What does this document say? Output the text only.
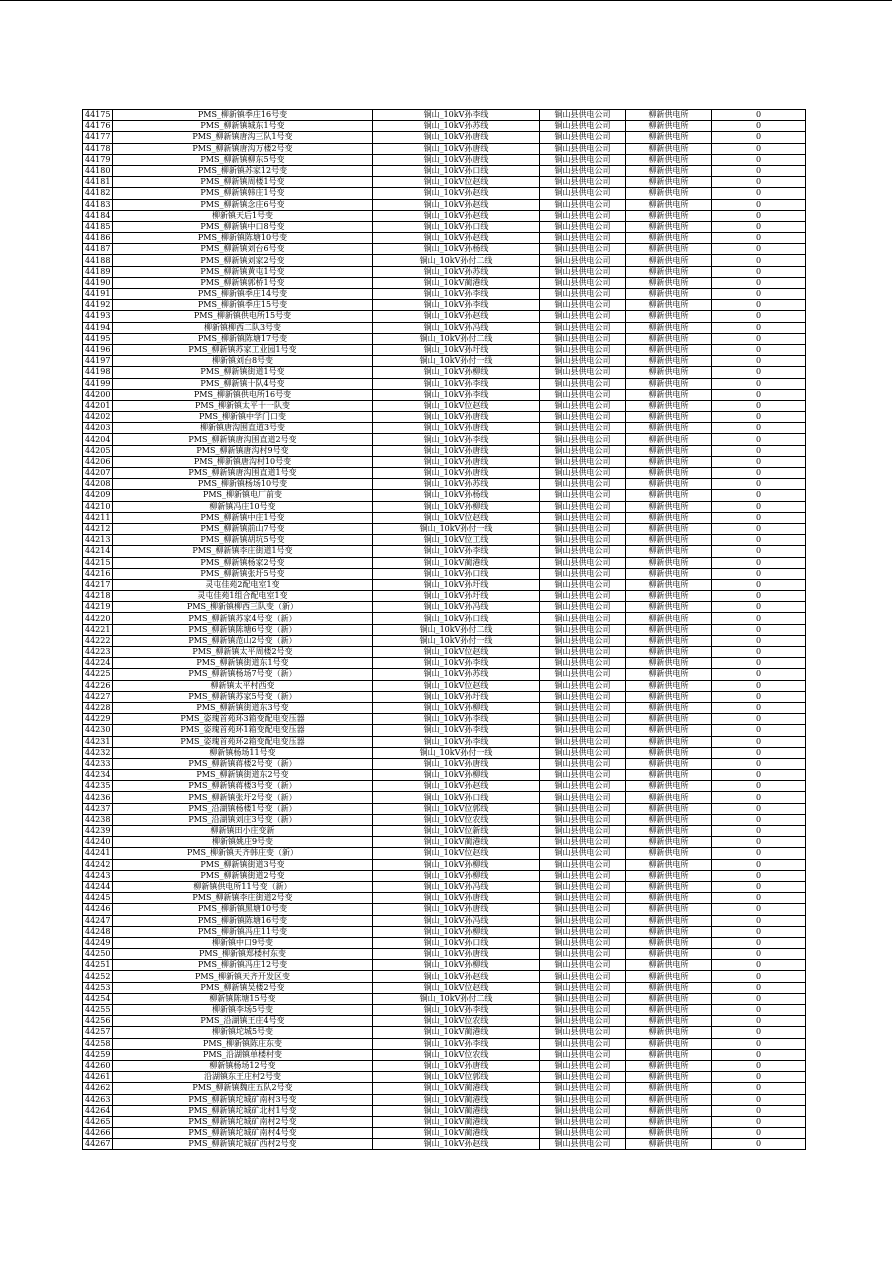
44175	PMS_柳新镇季庄16号变	铜山_10kV孙李线	铜山县供电公司	柳新供电所	0
44176	PMS_柳新镇城东1号变	铜山_10kV孙苏线	铜山县供电公司	柳新供电所	0
44177	PMS_柳新镇唐沟三队1号变	铜山_10kV孙唐线	铜山县供电公司	柳新供电所	0
44178	PMS_柳新镇唐沟万楼2号变	铜山_10kV孙唐线	铜山县供电公司	柳新供电所	0
44179	PMS_柳新镇柳东5号变	铜山_10kV孙唐线	铜山县供电公司	柳新供电所	0
44180	PMS_柳新镇苏家12号变	铜山_10kV孙口线	铜山县供电公司	柳新供电所	0
44181	PMS_柳新镇周楼1号变	铜山_10kV位赵线	铜山县供电公司	柳新供电所	0
44182	PMS_柳新镇韩庄1号变	铜山_10kV孙赵线	铜山县供电公司	柳新供电所	0
44183	PMS_柳新镇念庄6号变	铜山_10kV孙赵线	铜山县供电公司	柳新供电所	0
44184	柳新镇天后1号变	铜山_10kV孙赵线	铜山县供电公司	柳新供电所	0
44185	PMS_柳新镇中口8号变	铜山_10kV孙口线	铜山县供电公司	柳新供电所	0
44186	PMS_柳新镇陈塘10号变	铜山_10kV孙赵线	铜山县供电公司	柳新供电所	0
44187	PMS_柳新镇刘台6号变	铜山_10kV孙杨线	铜山县供电公司	柳新供电所	0
44188	PMS_柳新镇刘家2号变	铜山_10kV孙付二线	铜山县供电公司	柳新供电所	0
44189	PMS_柳新镇黄屯1号变	铜山_10kV孙苏线	铜山县供电公司	柳新供电所	0
44190	PMS_柳新镇郭桥1号变	铜山_10kV蔺港线	铜山县供电公司	柳新供电所	0
44191	PMS_柳新镇季庄14号变	铜山_10kV孙李线	铜山县供电公司	柳新供电所	0
44192	PMS_柳新镇季庄15号变	铜山_10kV孙李线	铜山县供电公司	柳新供电所	0
44193	PMS_柳新镇供电所15号变	铜山_10kV孙赵线	铜山县供电公司	柳新供电所	0
44194	柳新镇柳西二队3号变	铜山_10kV孙冯线	铜山县供电公司	柳新供电所	0
44195	PMS_柳新镇陈塘17号变	铜山_10kV孙付二线	铜山县供电公司	柳新供电所	0
44196	PMS_柳新镇苏家工业园1号变	铜山_10kV孙圩线	铜山县供电公司	柳新供电所	0
44197	柳新镇刘台8号变	铜山_10kV孙付一线	铜山县供电公司	柳新供电所	0
44198	PMS_柳新镇街道1号变	铜山_10kV孙柳线	铜山县供电公司	柳新供电所	0
44199	PMS_柳新镇十队4号变	铜山_10kV孙李线	铜山县供电公司	柳新供电所	0
44200	PMS_柳新镇供电所16号变	铜山_10kV孙李线	铜山县供电公司	柳新供电所	0
44201	PMS_柳新镇太平十一队变	铜山_10kV位赵线	铜山县供电公司	柳新供电所	0
44202	PMS_柳新镇中学门口变	铜山_10kV孙唐线	铜山县供电公司	柳新供电所	0
44203	柳新镇唐沟围直道3号变	铜山_10kV孙唐线	铜山县供电公司	柳新供电所	0
44204	PMS_柳新镇唐沟围直道2号变	铜山_10kV孙李线	铜山县供电公司	柳新供电所	0
44205	PMS_柳新镇唐沟村9号变	铜山_10kV孙唐线	铜山县供电公司	柳新供电所	0
44206	PMS_柳新镇唐沟村10号变	铜山_10kV孙唐线	铜山县供电公司	柳新供电所	0
44207	PMS_柳新镇唐沟围直道1号变	铜山_10kV孙唐线	铜山县供电公司	柳新供电所	0
44208	PMS_柳新镇杨场10号变	铜山_10kV孙苏线	铜山县供电公司	柳新供电所	0
44209	PMS_柳新镇电厂前变	铜山_10kV孙杨线	铜山县供电公司	柳新供电所	0
44210	柳新镇冯庄10号变	铜山_10kV孙柳线	铜山县供电公司	柳新供电所	0
44211	PMS_柳新镇中庄1号变	铜山_10kV位赵线	铜山县供电公司	柳新供电所	0
44212	PMS_柳新镇前山7号变	铜山_10kV孙付一线	铜山县供电公司	柳新供电所	0
44213	PMS_柳新镇胡坑5号变	铜山_10kV位工线	铜山县供电公司	柳新供电所	0
44214	PMS_柳新镇李庄街道1号变	铜山_10kV孙李线	铜山县供电公司	柳新供电所	0
44215	PMS_柳新镇杨家2号变	铜山_10kV蔺港线	铜山县供电公司	柳新供电所	0
44216	PMS_柳新镇张圩5号变	铜山_10kV孙口线	铜山县供电公司	柳新供电所	0
44217	灵屯佳苑2配电室1变	铜山_10kV孙圩线	铜山县供电公司	柳新供电所	0
44218	灵屯佳苑1组合配电室1变	铜山_10kV孙圩线	铜山县供电公司	柳新供电所	0
44219	PMS_柳新镇柳西三队变（新）	铜山_10kV孙冯线	铜山县供电公司	柳新供电所	0
44220	PMS_柳新镇苏家4号变（新）	铜山_10kV孙口线	铜山县供电公司	柳新供电所	0
44221	PMS_柳新镇陈塘6号变（新）	铜山_10kV孙付二线	铜山县供电公司	柳新供电所	0
44222	PMS_柳新镇范山2号变（新）	铜山_10kV孙付一线	铜山县供电公司	柳新供电所	0
44223	PMS_柳新镇太平周楼2号变	铜山_10kV位赵线	铜山县供电公司	柳新供电所	0
44224	PMS_柳新镇街道东1号变	铜山_10kV孙李线	铜山县供电公司	柳新供电所	0
44225	PMS_柳新镇杨场7号变（新）	铜山_10kV孙苏线	铜山县供电公司	柳新供电所	0
44226	柳新镇太平村西变	铜山_10kV位赵线	铜山县供电公司	柳新供电所	0
44227	PMS_柳新镇苏家5号变（新）	铜山_10kV孙圩线	铜山县供电公司	柳新供电所	0
44228	PMS_柳新镇街道东3号变	铜山_10kV孙柳线	铜山县供电公司	柳新供电所	0
44229	PMS_姿瑰首苑环3箱变配电变压器	铜山_10kV孙李线	铜山县供电公司	柳新供电所	0
44230	PMS_姿瑰首苑环1箱变配电变压器	铜山_10kV孙李线	铜山县供电公司	柳新供电所	0
44231	PMS_姿瑰首苑环2箱变配电变压器	铜山_10kV孙李线	铜山县供电公司	柳新供电所	0
44232	柳新镇杨场11号变	铜山_10kV孙付一线	铜山县供电公司	柳新供电所	0
44233	PMS_柳新镇蒋楼2号变（新）	铜山_10kV孙唐线	铜山县供电公司	柳新供电所	0
44234	PMS_柳新镇街道东2号变	铜山_10kV孙柳线	铜山县供电公司	柳新供电所	0
44235	PMS_柳新镇蒋楼3号变（新）	铜山_10kV孙赵线	铜山县供电公司	柳新供电所	0
44236	PMS_柳新镇张圩2号变（新）	铜山_10kV孙口线	铜山县供电公司	柳新供电所	0
44237	PMS_沿湖镇杨楼1号变（新）	铜山_10kV位郭线	铜山县供电公司	柳新供电所	0
44238	PMS_沿湖镇刘庄3号变（新）	铜山_10kV位农线	铜山县供电公司	柳新供电所	0
44239	柳新镇田小庄变新	铜山_10kV位新线	铜山县供电公司	柳新供电所	0
44240	柳新镇姚庄9号变	铜山_10kV蔺港线	铜山县供电公司	柳新供电所	0
44241	PMS_柳新镇天齐韩庄变（新）	铜山_10kV位赵线	铜山县供电公司	柳新供电所	0
44242	PMS_柳新镇街道3号变	铜山_10kV孙柳线	铜山县供电公司	柳新供电所	0
44243	PMS_柳新镇街道2号变	铜山_10kV孙柳线	铜山县供电公司	柳新供电所	0
44244	柳新镇供电所11号变（新）	铜山_10kV孙冯线	铜山县供电公司	柳新供电所	0
44245	PMS_柳新镇李庄街道2号变	铜山_10kV孙唐线	铜山县供电公司	柳新供电所	0
44246	PMS_柳新镇黑塘10号变	铜山_10kV孙唐线	铜山县供电公司	柳新供电所	0
44247	PMS_柳新镇陈塘16号变	铜山_10kV孙冯线	铜山县供电公司	柳新供电所	0
44248	PMS_柳新镇冯庄11号变	铜山_10kV孙柳线	铜山县供电公司	柳新供电所	0
44249	柳新镇中口9号变	铜山_10kV孙口线	铜山县供电公司	柳新供电所	0
44250	PMS_柳新镇郑楼村东变	铜山_10kV孙唐线	铜山县供电公司	柳新供电所	0
44251	PMS_柳新镇冯庄12号变	铜山_10kV孙柳线	铜山县供电公司	柳新供电所	0
44252	PMS_柳新镇天齐开发区变	铜山_10kV孙赵线	铜山县供电公司	柳新供电所	0
44253	PMS_柳新镇吴楼2号变	铜山_10kV位赵线	铜山县供电公司	柳新供电所	0
44254	柳新镇陈塘15号变	铜山_10kV孙付二线	铜山县供电公司	柳新供电所	0
44255	柳新镇李场5号变	铜山_10kV孙李线	铜山县供电公司	柳新供电所	0
44256	PMS_沿湖镇王庄4号变	铜山_10kV位农线	铜山县供电公司	柳新供电所	0
44257	柳新镇坨城5号变	铜山_10kV蔺港线	铜山县供电公司	柳新供电所	0
44258	PMS_柳新镇陈庄东变	铜山_10kV孙李线	铜山县供电公司	柳新供电所	0
44259	PMS_沿湖镇单楼村变	铜山_10kV位农线	铜山县供电公司	柳新供电所	0
44260	柳新镇杨场12号变	铜山_10kV孙唐线	铜山县供电公司	柳新供电所	0
44261	沿湖镇东王庄村2号变	铜山_10kV位郭线	铜山县供电公司	柳新供电所	0
44262	PMS_柳新镇魏庄五队2号变	铜山_10kV蔺港线	铜山县供电公司	柳新供电所	0
44263	PMS_柳新镇坨城矿南村3号变	铜山_10kV蔺港线	铜山县供电公司	柳新供电所	0
44264	PMS_柳新镇坨城矿北村1号变	铜山_10kV蔺港线	铜山县供电公司	柳新供电所	0
44265	PMS_柳新镇坨城矿南村2号变	铜山_10kV蔺港线	铜山县供电公司	柳新供电所	0
44266	PMS_柳新镇坨城矿南村4号变	铜山_10kV蔺港线	铜山县供电公司	柳新供电所	0
44267	PMS_柳新镇坨城矿西村2号变	铜山_10kV孙赵线	铜山县供电公司	柳新供电所	0
